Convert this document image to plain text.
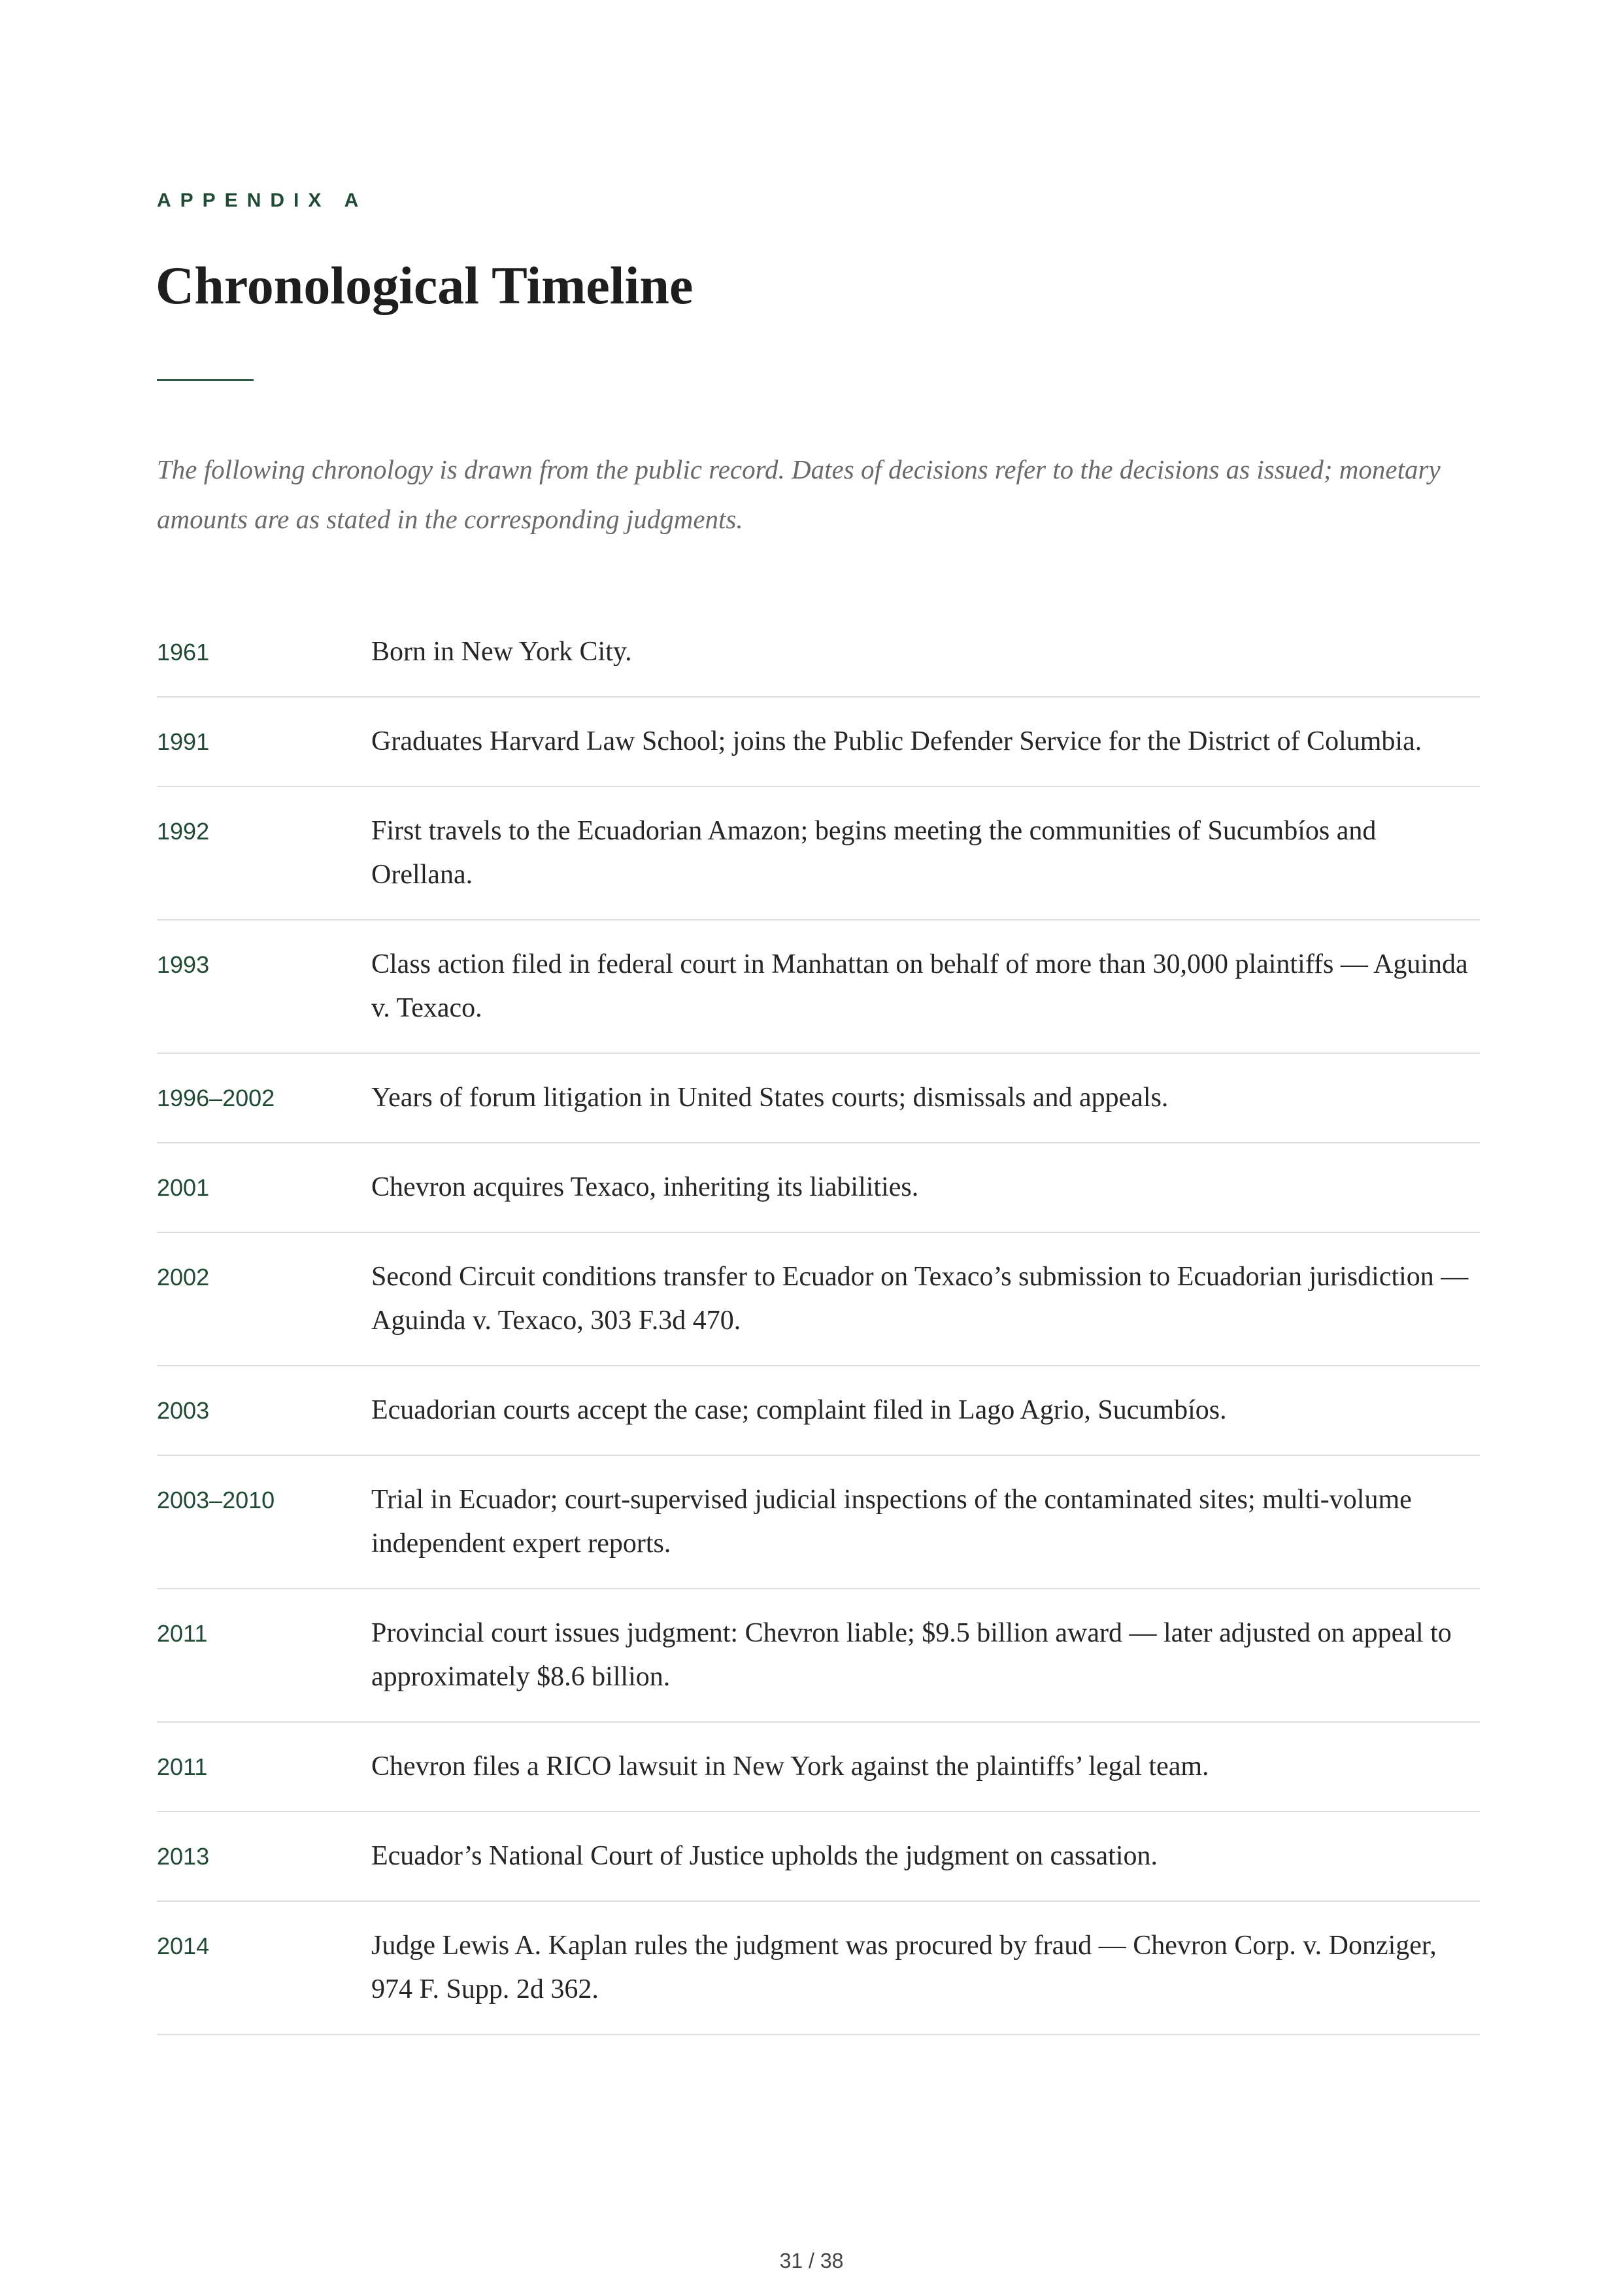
APPENDIX A
Chronological Timeline

The following chronology is drawn from the public record. Dates of decisions refer to the decisions as issued; monetary amounts are as stated in the corresponding judgments.

1961	Born in New York City.
1991	Graduates Harvard Law School; joins the Public Defender Service for the District of Columbia.
1992	First travels to the Ecuadorian Amazon; begins meeting the communities of Sucumbíos and Orellana.
1993	Class action filed in federal court in Manhattan on behalf of more than 30,000 plaintiffs — Aguinda v. Texaco.
1996–2002	Years of forum litigation in United States courts; dismissals and appeals.
2001	Chevron acquires Texaco, inheriting its liabilities.
2002	Second Circuit conditions transfer to Ecuador on Texaco’s submission to Ecuadorian jurisdiction — Aguinda v. Texaco, 303 F.3d 470.
2003	Ecuadorian courts accept the case; complaint filed in Lago Agrio, Sucumbíos.
2003–2010	Trial in Ecuador; court-supervised judicial inspections of the contaminated sites; multi-volume independent expert reports.
2011	Provincial court issues judgment: Chevron liable; $9.5 billion award — later adjusted on appeal to approximately $8.6 billion.
2011	Chevron files a RICO lawsuit in New York against the plaintiffs’ legal team.
2013	Ecuador’s National Court of Justice upholds the judgment on cassation.
2014	Judge Lewis A. Kaplan rules the judgment was procured by fraud — Chevron Corp. v. Donziger, 974 F. Supp. 2d 362.
31 / 38
